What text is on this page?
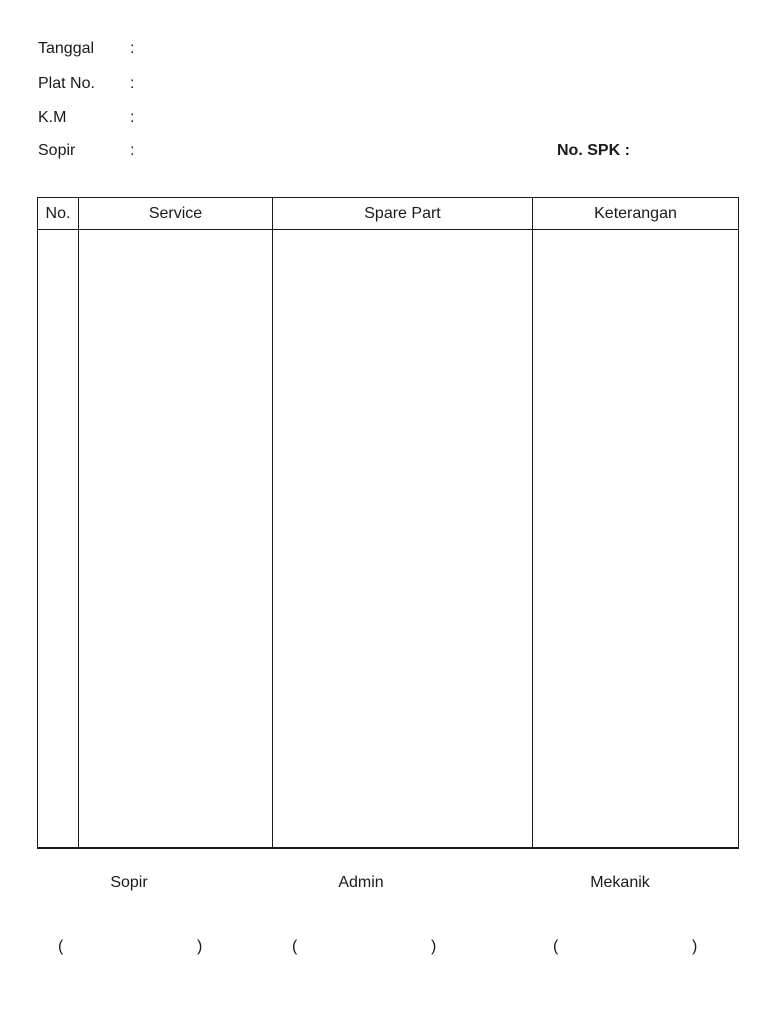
Tanggal :
Plat No. :
K.M	:
Sopir	:	No. SPK :
No.	Service	Spare Part	Keterangan

Sopir	Admin	Mekanik
(	)	(	)	(	)
